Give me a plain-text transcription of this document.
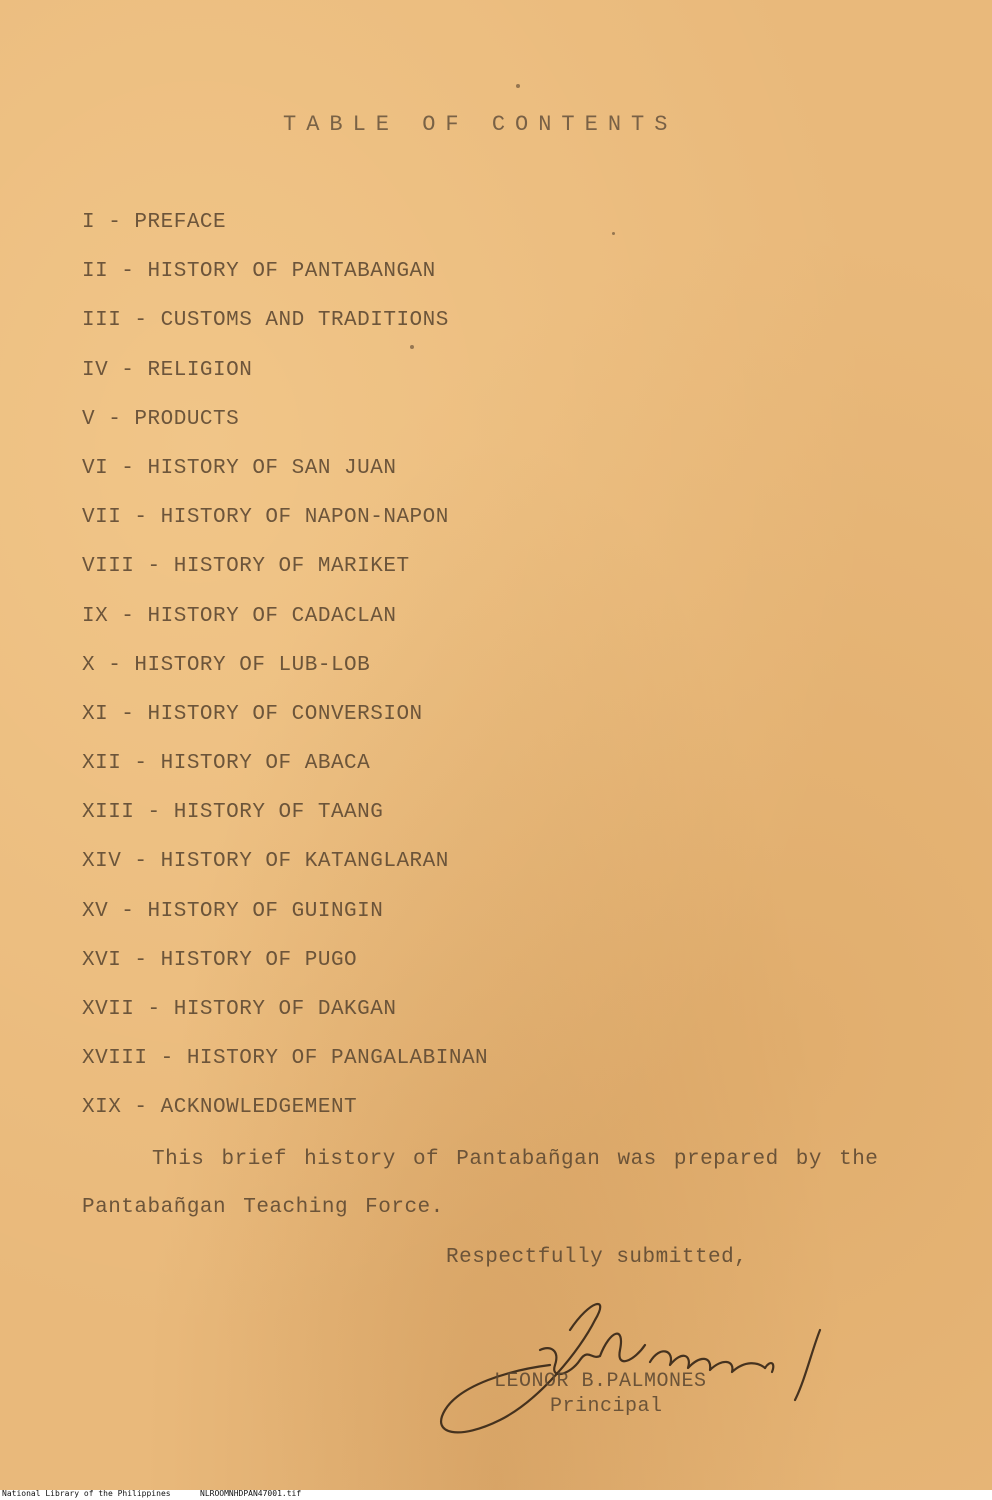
TABLE OF CONTENTS
I - PREFACE
II - HISTORY OF PANTABANGAN
III - CUSTOMS AND TRADITIONS
IV - RELIGION
V - PRODUCTS
VI - HISTORY OF SAN JUAN
VII - HISTORY OF NAPON-NAPON
VIII - HISTORY OF MARIKET
IX - HISTORY OF CADACLAN
X - HISTORY OF LUB-LOB
XI - HISTORY OF CONVERSION
XII - HISTORY OF ABACA
XIII - HISTORY OF TAANG
XIV - HISTORY OF KATANGLARAN
XV - HISTORY OF GUINGIN
XVI - HISTORY OF PUGO
XVII - HISTORY OF DAKGAN
XVIII - HISTORY OF PANGALABINAN
XIX - ACKNOWLEDGEMENT
This brief history of Pantabañgan was prepared by the
Pantabañgan Teaching Force.
Respectfully submitted,
LEONOR B.PALMONES
Principal
National Library of the Philippines	NLROOMNHDPAN47001.tif
